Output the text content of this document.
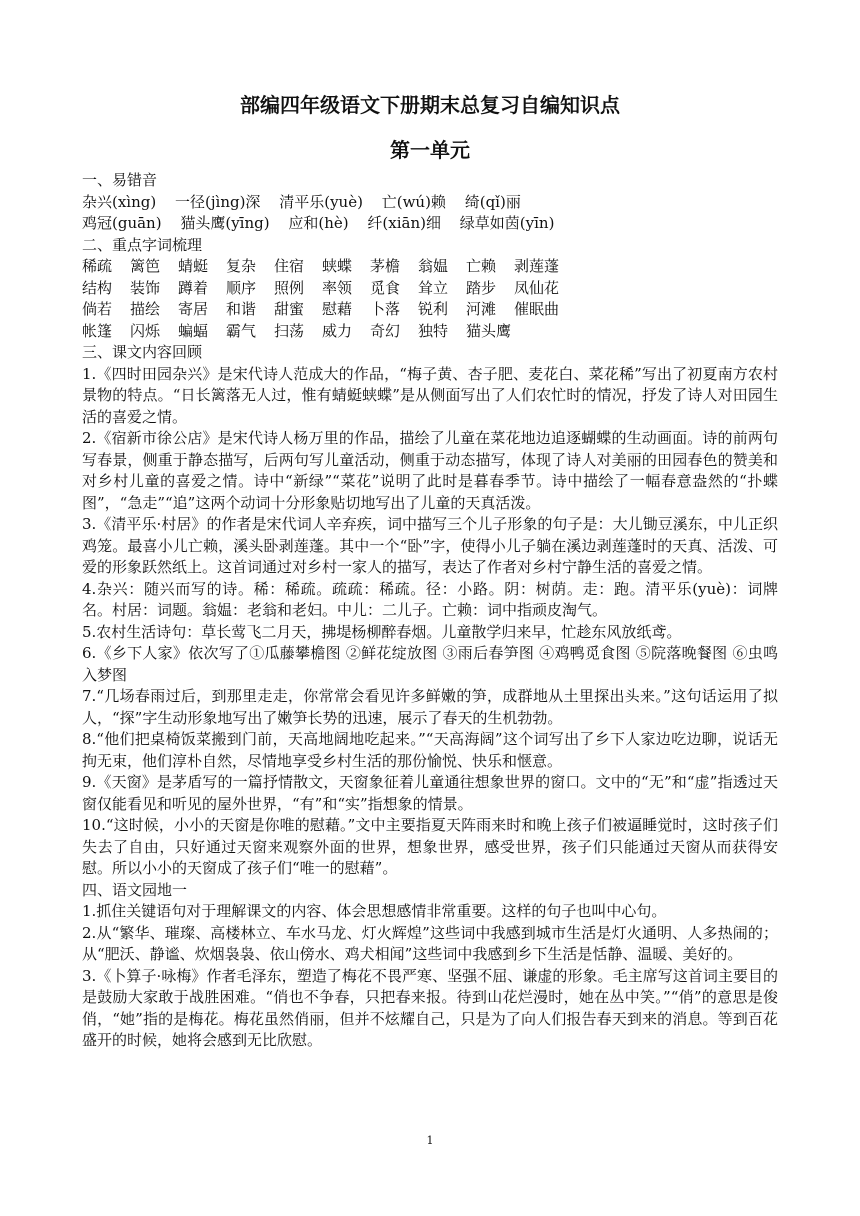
部编四年级语文下册期末总复习自编知识点
第一单元
一、易错音
杂兴(xìng) 一径(jìng)深 清平乐(yuè) 亡(wú)赖 绮(qǐ)丽
鸡冠(guān) 猫头鹰(yīng) 应和(hè) 纤(xiān)细 绿草如茵(yīn)
二、重点字词梳理
稀疏 篱笆 蜻蜓 复杂 住宿 蛱蝶 茅檐 翁媪 亡赖 剥莲蓬
结构 装饰 蹲着 顺序 照例 率领 觅食 耸立 踏步 凤仙花
倘若 描绘 寄居 和谐 甜蜜 慰藉 卜落 锐利 河滩 催眠曲
帐篷 闪烁 蝙蝠 霸气 扫荡 威力 奇幻 独特 猫头鹰
三、课文内容回顾

1.《四时田园杂兴》是宋代诗人范成大的作品，“梅子黄、杏子肥、麦花白、菜花稀”写出了初夏南方农村景物的特点。“日长篱落无人过，惟有蜻蜓蛱蝶”是从侧面写出了人们农忙时的情况，抒发了诗人对田园生活的喜爱之情。

2.《宿新市徐公店》是宋代诗人杨万里的作品，描绘了儿童在菜花地边追逐蝴蝶的生动画面。诗的前两句写春景，侧重于静态描写，后两句写儿童活动，侧重于动态描写，体现了诗人对美丽的田园春色的赞美和对乡村儿童的喜爱之情。诗中“新绿”“菜花”说明了此时是暮春季节。诗中描绘了一幅春意盎然的“扑蝶图”，“急走”“追”这两个动词十分形象贴切地写出了儿童的天真活泼。

3.《清平乐·村居》的作者是宋代词人辛弃疾，词中描写三个儿子形象的句子是：大儿锄豆溪东，中儿正织鸡笼。最喜小儿亡赖，溪头卧剥莲蓬。其中一个“卧”字，使得小儿子躺在溪边剥莲蓬时的天真、活泼、可爱的形象跃然纸上。这首词通过对乡村一家人的描写，表达了作者对乡村宁静生活的喜爱之情。

4.杂兴：随兴而写的诗。稀：稀疏。疏疏：稀疏。径：小路。阴：树荫。走：跑。清平乐(yuè)：词牌名。村居：词题。翁媪：老翁和老妇。中儿：二儿子。亡赖：词中指顽皮淘气。

5.农村生活诗句：草长莺飞二月天，拂堤杨柳醉春烟。儿童散学归来早，忙趁东风放纸鸢。

6.《乡下人家》依次写了①瓜藤攀檐图 ②鲜花绽放图 ③雨后春笋图 ④鸡鸭觅食图 ⑤院落晚餐图 ⑥虫鸣入梦图

7.“几场春雨过后，到那里走走，你常常会看见许多鲜嫩的笋，成群地从土里探出头来。”这句话运用了拟人，“探”字生动形象地写出了嫩笋长势的迅速，展示了春天的生机勃勃。

8.“他们把桌椅饭菜搬到门前，天高地阔地吃起来。”“天高海阔”这个词写出了乡下人家边吃边聊，说话无拘无束，他们淳朴自然，尽情地享受乡村生活的那份愉悦、快乐和惬意。

9.《天窗》是茅盾写的一篇抒情散文，天窗象征着儿童通往想象世界的窗口。文中的“无”和“虚”指透过天窗仅能看见和听见的屋外世界，“有”和“实”指想象的情景。

10.“这时候，小小的天窗是你唯的慰藉。”文中主要指夏天阵雨来时和晚上孩子们被逼睡觉时，这时孩子们失去了自由，只好通过天窗来观察外面的世界，想象世界，感受世界，孩子们只能通过天窗从而获得安慰。所以小小的天窗成了孩子们“唯一的慰藉”。

四、语文园地一

1.抓住关键语句对于理解课文的内容、体会思想感情非常重要。这样的句子也叫中心句。

2.从“繁华、璀璨、高楼林立、车水马龙、灯火辉煌”这些词中我感到城市生活是灯火通明、人多热闹的；从“肥沃、静谧、炊烟袅袅、依山傍水、鸡犬相闻”这些词中我感到乡下生活是恬静、温暖、美好的。

3.《卜算子·咏梅》作者毛泽东，塑造了梅花不畏严寒、坚强不屈、谦虚的形象。毛主席写这首词主要目的是鼓励大家敢于战胜困难。“俏也不争春，只把春来报。待到山花烂漫时，她在丛中笑。”“俏”的意思是俊俏，“她”指的是梅花。梅花虽然俏丽，但并不炫耀自己，只是为了向人们报告春天到来的消息。等到百花盛开的时候，她将会感到无比欣慰。

1
